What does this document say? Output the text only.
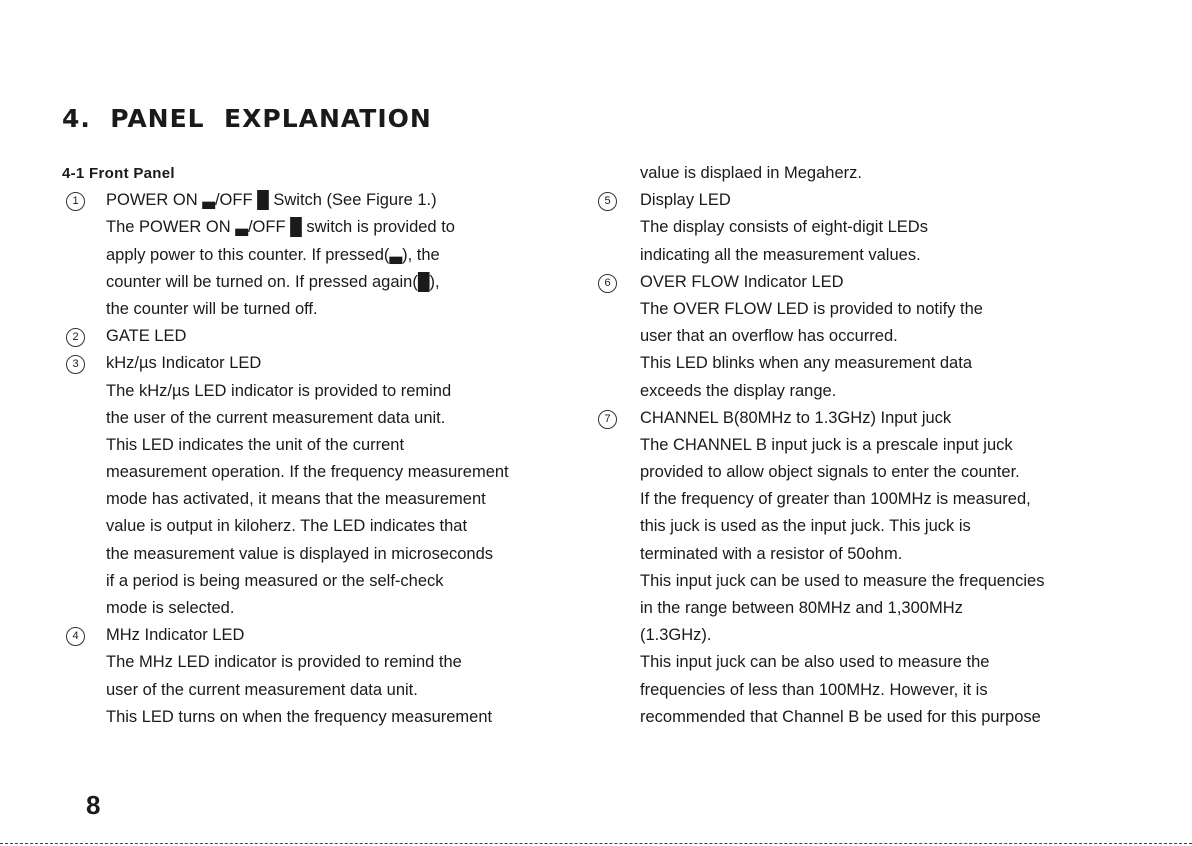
4.  PANEL  EXPLANATION
4-1 Front Panel
1	POWER ON ▃/OFF █ Switch (See Figure 1.)
The POWER ON ▃/OFF █ switch is provided to
apply power to this counter. If pressed(▃), the
counter will be turned on. If pressed again(█),
the counter will be turned off.
2	GATE LED
3	kHz/µs Indicator LED
The kHz/µs LED indicator is provided to remind
the user of the current measurement data unit.
This LED indicates the unit of the current
measurement operation. If the frequency measurement
mode has activated, it means that the measurement
value is output in kiloherz. The LED indicates that
the measurement value is displayed in microseconds
if a period is being measured or the self-check
mode is selected.
4	MHz Indicator LED
The MHz LED indicator is provided to remind the
user of the current measurement data unit.
This LED turns on when the frequency measurement
value is displaed in Megaherz.
5	Display LED
The display consists of eight-digit LEDs
indicating all the measurement values.
6	OVER FLOW Indicator LED
The OVER FLOW LED is provided to notify the
user that an overflow has occurred.
This LED blinks when any measurement data
exceeds the display range.
7	CHANNEL B(80MHz to 1.3GHz) Input juck
The CHANNEL B input juck is a prescale input juck
provided to allow object signals to enter the counter.
If the frequency of greater than 100MHz is measured,
this juck is used as the input juck. This juck is
terminated with a resistor of 50ohm.
This input juck can be used to measure the frequencies
in the range between 80MHz and 1,300MHz
(1.3GHz).
This input juck can be also used to measure the
frequencies of less than 100MHz. However, it is
recommended that Channel B be used for this purpose
8
